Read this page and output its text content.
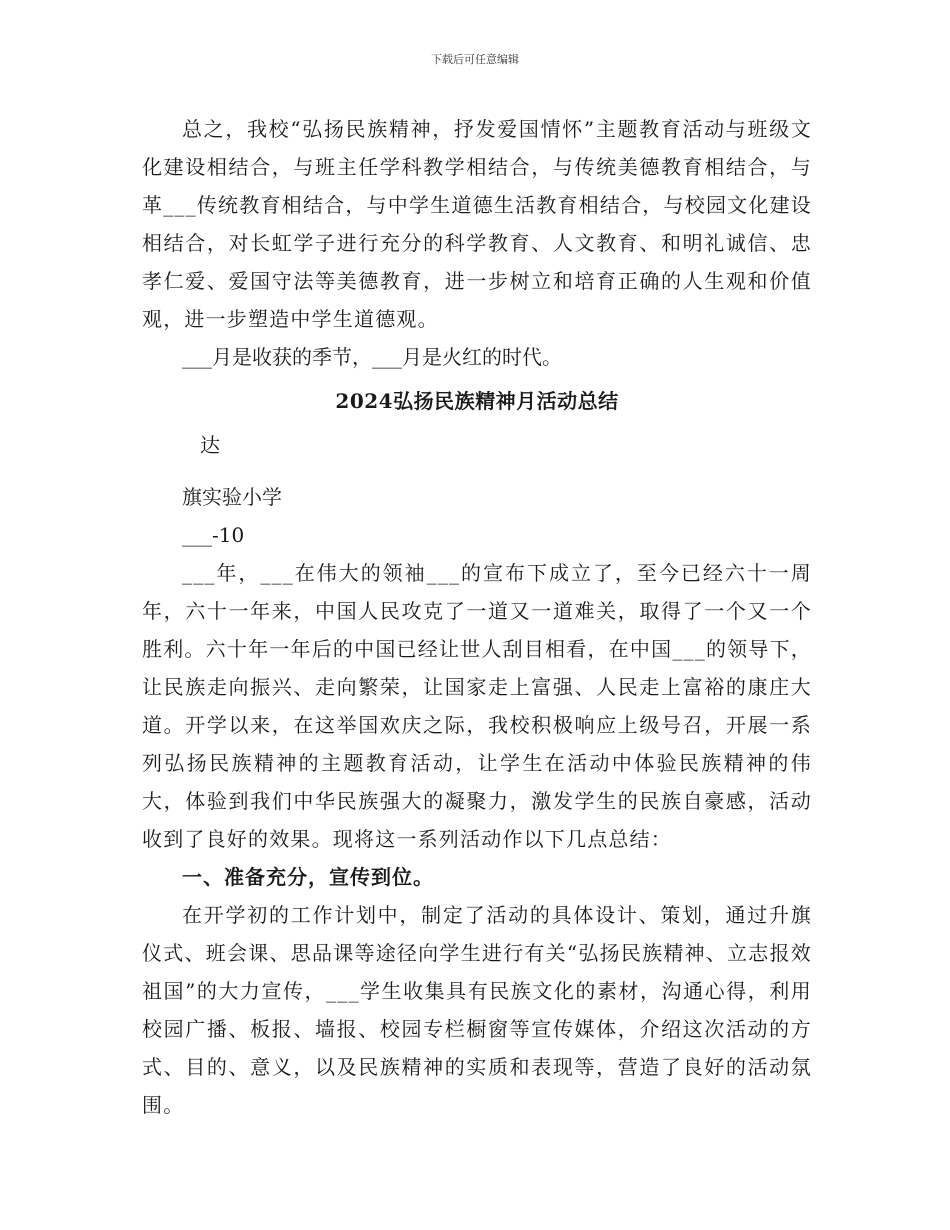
下载后可任意编辑

总之，我校“弘扬民族精神，抒发爱国情怀”主题教育活动与班级文化建设相结合，与班主任学科教学相结合，与传统美德教育相结合，与革___传统教育相结合，与中学生道德生活教育相结合，与校园文化建设相结合，对长虹学子进行充分的科学教育、人文教育、和明礼诚信、忠孝仁爱、爱国守法等美德教育，进一步树立和培育正确的人生观和价值观，进一步塑造中学生道德观。

___月是收获的季节，___月是火红的时代。

2024弘扬民族精神月活动总结

达

旗实验小学

___-10

___年，___在伟大的领袖___的宣布下成立了，至今已经六十一周年，六十一年来，中国人民攻克了一道又一道难关，取得了一个又一个胜利。六十年一年后的中国已经让世人刮目相看，在中国___的领导下，让民族走向振兴、走向繁荣，让国家走上富强、人民走上富裕的康庄大道。开学以来，在这举国欢庆之际，我校积极响应上级号召，开展一系列弘扬民族精神的主题教育活动，让学生在活动中体验民族精神的伟大，体验到我们中华民族强大的凝聚力，激发学生的民族自豪感，活动收到了良好的效果。现将这一系列活动作以下几点总结：

一、准备充分，宣传到位。

在开学初的工作计划中，制定了活动的具体设计、策划，通过升旗仪式、班会课、思品课等途径向学生进行有关“弘扬民族精神、立志报效祖国”的大力宣传，___学生收集具有民族文化的素材，沟通心得，利用校园广播、板报、墙报、校园专栏橱窗等宣传媒体，介绍这次活动的方式、目的、意义，以及民族精神的实质和表现等，营造了良好的活动氛围。
